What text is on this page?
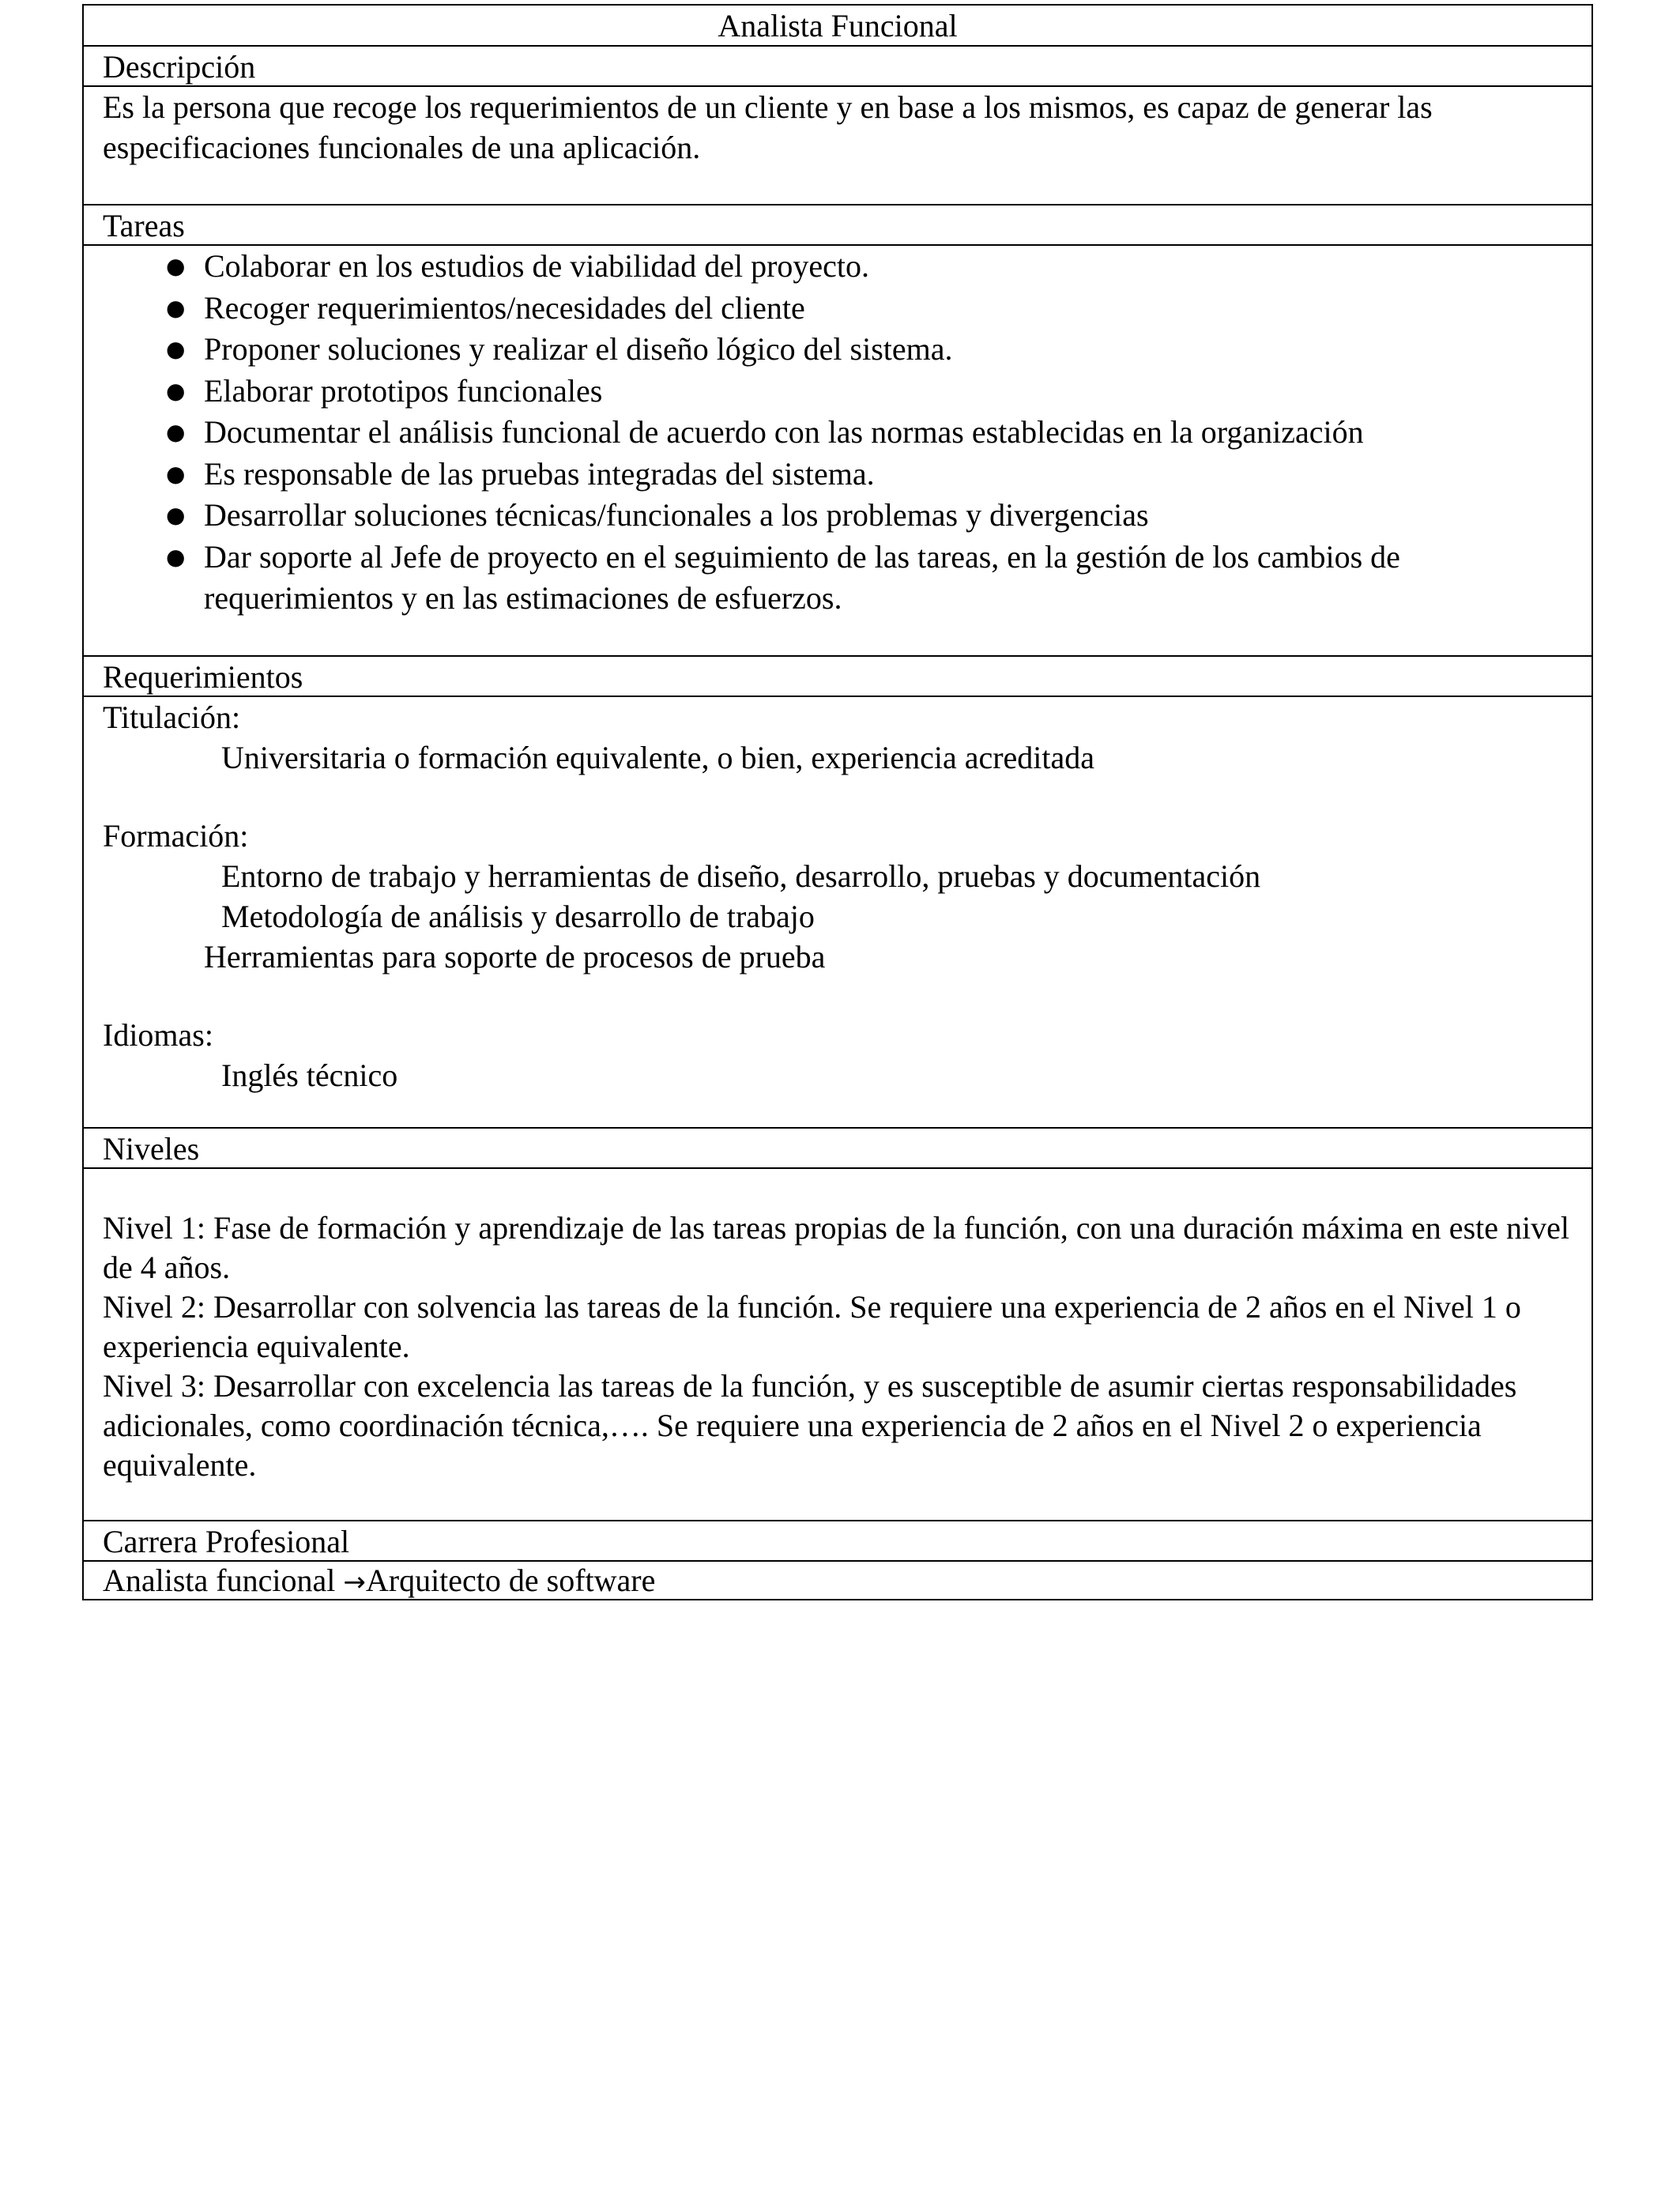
Analista Funcional
Descripción
Es la persona que recoge los requerimientos de un cliente y en base a los mismos, es capaz de generar las especificaciones funcionales de una aplicación.
Tareas
● Colaborar en los estudios de viabilidad del proyecto.
● Recoger requerimientos/necesidades del cliente
● Proponer soluciones y realizar el diseño lógico del sistema.
● Elaborar prototipos funcionales
● Documentar el análisis funcional de acuerdo con las normas establecidas en la organización
● Es responsable de las pruebas integradas del sistema.
● Desarrollar soluciones técnicas/funcionales a los problemas y divergencias
● Dar soporte al Jefe de proyecto en el seguimiento de las tareas, en la gestión de los cambios de requerimientos y en las estimaciones de esfuerzos.
Requerimientos
Titulación:
Universitaria o formación equivalente, o bien, experiencia acreditada
Formación:
Entorno de trabajo y herramientas de diseño, desarrollo, pruebas y documentación
Metodología de análisis y desarrollo de trabajo
Herramientas para soporte de procesos de prueba
Idiomas:
Inglés técnico
Niveles

Nivel 1: Fase de formación y aprendizaje de las tareas propias de la función, con una duración máxima en este nivel de 4 años.

Nivel 2: Desarrollar con solvencia las tareas de la función. Se requiere una experiencia de 2 años en el Nivel 1 o experiencia equivalente.

Nivel 3: Desarrollar con excelencia las tareas de la función, y es susceptible de asumir ciertas responsabilidades adicionales, como coordinación técnica,…. Se requiere una experiencia de 2 años en el Nivel 2 o experiencia equivalente.

Carrera Profesional
Analista funcional →Arquitecto de software
